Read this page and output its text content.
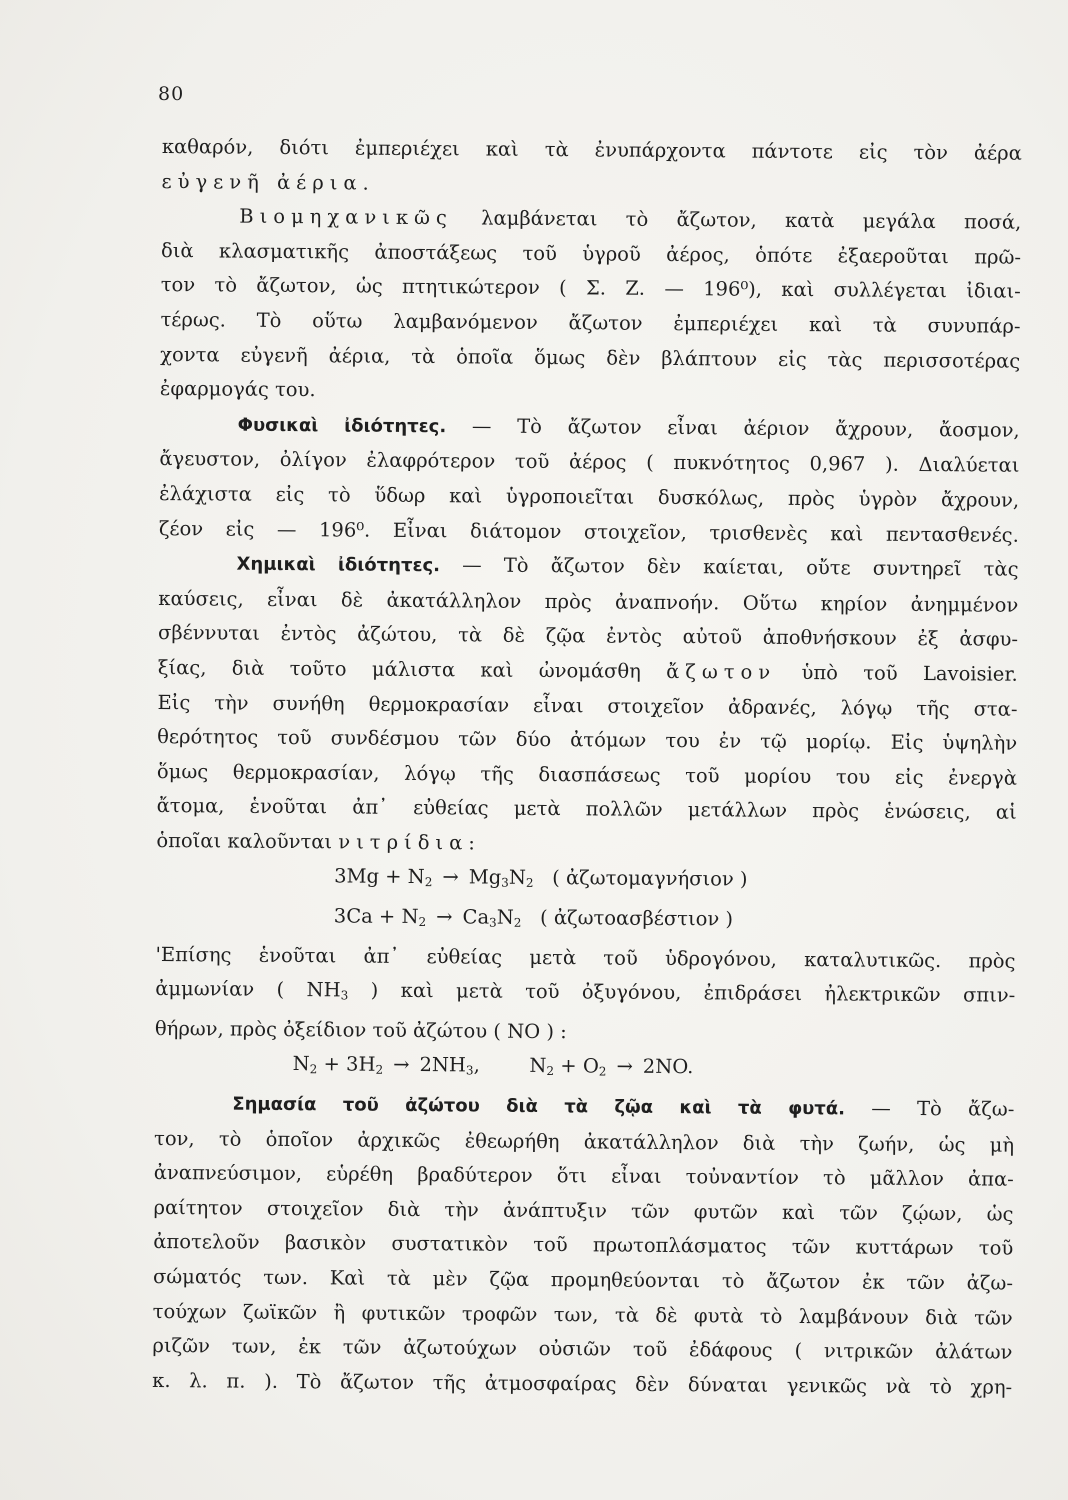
80
καθαρόν, διότι ἐμπεριέχει καὶ τὰ ἐνυπάρχοντα πάντοτε εἰς τὸν ἀέρα
εὐγενῆ ἀέρια.
Βιομηχανικῶς λαμβάνεται τὸ ἄζωτον, κατὰ μεγάλα ποσά,
διὰ κλασματικῆς ἀποστάξεως τοῦ ὑγροῦ ἀέρος, ὁπότε ἐξαεροῦται πρῶ-
τον τὸ ἄζωτον, ὡς πτητικώτερον ( Σ. Ζ. — 196⁰), καὶ συλλέγεται ἰδιαι-
τέρως. Τὸ οὕτω λαμβανόμενον ἄζωτον ἐμπεριέχει καὶ τὰ συνυπάρ-
χοντα εὐγενῆ ἀέρια, τὰ ὁποῖα ὅμως δὲν βλάπτουν εἰς τὰς περισσοτέρας
ἐφαρμογάς του.
Φυσικαὶ ἰδιότητες. — Τὸ ἄζωτον εἶναι ἀέριον ἄχρουν, ἄοσμον,
ἄγευστον, ὀλίγον ἐλαφρότερον τοῦ ἀέρος ( πυκνότητος 0,967 ). Διαλύεται
ἐλάχιστα εἰς τὸ ὕδωρ καὶ ὑγροποιεῖται δυσκόλως, πρὸς ὑγρὸν ἄχρουν,
ζέον εἰς — 196⁰. Εἶναι διάτομον στοιχεῖον, τρισθενὲς καὶ πεντασθενές.
Χημικαὶ ἰδιότητες. — Τὸ ἄζωτον δὲν καίεται, οὔτε συντηρεῖ τὰς
καύσεις, εἶναι δὲ ἀκατάλληλον πρὸς ἀναπνοήν. Οὕτω κηρίον ἀνημμένον
σβέννυται ἐντὸς ἀζώτου, τὰ δὲ ζῷα ἐντὸς αὐτοῦ ἀποθνήσκουν ἐξ ἀσφυ-
ξίας, διὰ τοῦτο μάλιστα καὶ ὠνομάσθη ἄζωτον ὑπὸ τοῦ Lavoisier.
Εἰς τὴν συνήθη θερμοκρασίαν εἶναι στοιχεῖον ἀδρανές, λόγῳ τῆς στα-
θερότητος τοῦ συνδέσμου τῶν δύο ἀτόμων του ἐν τῷ μορίῳ. Εἰς ὑψηλὴν
ὅμως θερμοκρασίαν, λόγῳ τῆς διασπάσεως τοῦ μορίου του εἰς ἐνεργὰ
ἄτομα, ἑνοῦται ἀπ᾽ εὐθείας μετὰ πολλῶν μετάλλων πρὸς ἑνώσεις, αἱ
ὁποῖαι καλοῦνται νιτρίδια:
$3Mg + N_2 \to Mg_3N_2$ ( ἀζωτομαγνήσιον )
$3Ca + N_2 \to Ca_3N_2$ ( ἀζωτοασβέστιον )
'Επίσης ἑνοῦται ἀπ᾽ εὐθείας μετὰ τοῦ ὑδρογόνου, καταλυτικῶς. πρὸς
ἀμμωνίαν ( $NH_3$ ) καὶ μετὰ τοῦ ὀξυγόνου, ἐπιδράσει ἠλεκτρικῶν σπιν-
θήρων, πρὸς ὀξείδιον τοῦ ἀζώτου ( NO ) :
$N_2 + 3H_2 \to 2NH_3$,	$N_2 + O_2 \to 2NO$.
Σημασία τοῦ ἀζώτου διὰ τὰ ζῷα καὶ τὰ φυτά. — Τὸ ἄζω-
τον, τὸ ὁποῖον ἀρχικῶς ἐθεωρήθη ἀκατάλληλον διὰ τὴν ζωήν, ὡς μὴ
ἀναπνεύσιμον, εὑρέθη βραδύτερον ὅτι εἶναι τοὐναντίον τὸ μᾶλλον ἀπα-
ραίτητον στοιχεῖον διὰ τὴν ἀνάπτυξιν τῶν φυτῶν καὶ τῶν ζῴων, ὡς
ἀποτελοῦν βασικὸν συστατικὸν τοῦ πρωτοπλάσματος τῶν κυττάρων τοῦ
σώματός των. Καὶ τὰ μὲν ζῷα προμηθεύονται τὸ ἄζωτον ἐκ τῶν ἀζω-
τούχων ζωϊκῶν ἢ φυτικῶν τροφῶν των, τὰ δὲ φυτὰ τὸ λαμβάνουν διὰ τῶν
ριζῶν των, ἐκ τῶν ἀζωτούχων οὐσιῶν τοῦ ἐδάφους ( νιτρικῶν ἀλάτων
κ. λ. π. ). Τὸ ἄζωτον τῆς ἀτμοσφαίρας δὲν δύναται γενικῶς νὰ τὸ χρη-
